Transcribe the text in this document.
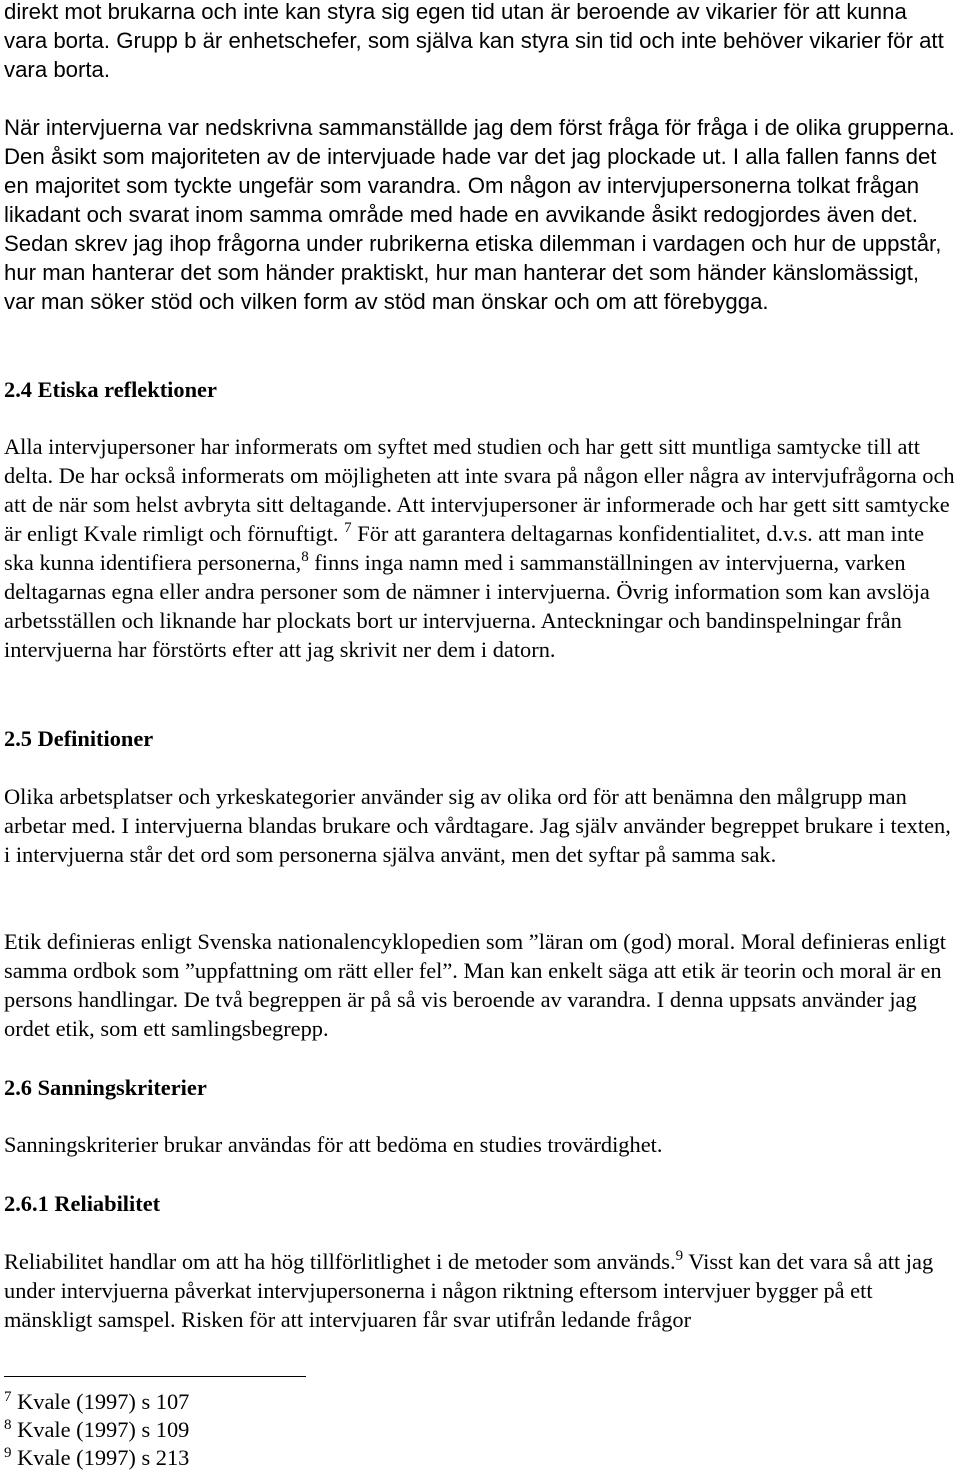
direkt mot brukarna och inte kan styra sig egen tid utan är beroende av vikarier för att kunna vara borta. Grupp b är enhetschefer, som själva kan styra sin tid och inte behöver vikarier för att vara borta.

När intervjuerna var nedskrivna sammanställde jag dem först fråga för fråga i de olika grupperna. Den åsikt som majoriteten av de intervjuade hade var det jag plockade ut. I alla fallen fanns det en majoritet som tyckte ungefär som varandra. Om någon av intervjupersonerna tolkat frågan likadant och svarat inom samma område med hade en avvikande åsikt redogjordes även det. Sedan skrev jag ihop frågorna under rubrikerna etiska dilemman i vardagen och hur de uppstår, hur man hanterar det som händer praktiskt, hur man hanterar det som händer känslomässigt, var man söker stöd och vilken form av stöd man önskar och om att förebygga.

2.4 Etiska reflektioner

Alla intervjupersoner har informerats om syftet med studien och har gett sitt muntliga samtycke till att delta. De har också informerats om möjligheten att inte svara på någon eller några av intervjufrågorna och att de när som helst avbryta sitt deltagande. Att intervjupersoner är informerade och har gett sitt samtycke är enligt Kvale rimligt och förnuftigt. $^7$ För att garantera deltagarnas konfidentialitet, d.v.s. att man inte ska kunna identifiera personerna,$^8$ finns inga namn med i sammanställningen av intervjuerna, varken deltagarnas egna eller andra personer som de nämner i intervjuerna. Övrig information som kan avslöja arbetsställen och liknande har plockats bort ur intervjuerna. Anteckningar och bandinspelningar från intervjuerna har förstörts efter att jag skrivit ner dem i datorn.

2.5 Definitioner

Olika arbetsplatser och yrkeskategorier använder sig av olika ord för att benämna den målgrupp man arbetar med. I intervjuerna blandas brukare och vårdtagare. Jag själv använder begreppet brukare i texten, i intervjuerna står det ord som personerna själva använt, men det syftar på samma sak.

Etik definieras enligt Svenska nationalencyklopedien som ”läran om (god) moral. Moral definieras enligt samma ordbok som ”uppfattning om rätt eller fel”. Man kan enkelt säga att etik är teorin och moral är en persons handlingar. De två begreppen är på så vis beroende av varandra. I denna uppsats använder jag ordet etik, som ett samlingsbegrepp.

2.6 Sanningskriterier

Sanningskriterier brukar användas för att bedöma en studies trovärdighet.

2.6.1 Reliabilitet

Reliabilitet handlar om att ha hög tillförlitlighet i de metoder som används.$^9$ Visst kan det vara så att jag under intervjuerna påverkat intervjupersonerna i någon riktning eftersom intervjuer bygger på ett mänskligt samspel. Risken för att intervjuaren får svar utifrån ledande frågor

$^7$ Kvale (1997) s 107
$^8$ Kvale (1997) s 109
$^9$ Kvale (1997) s 213
